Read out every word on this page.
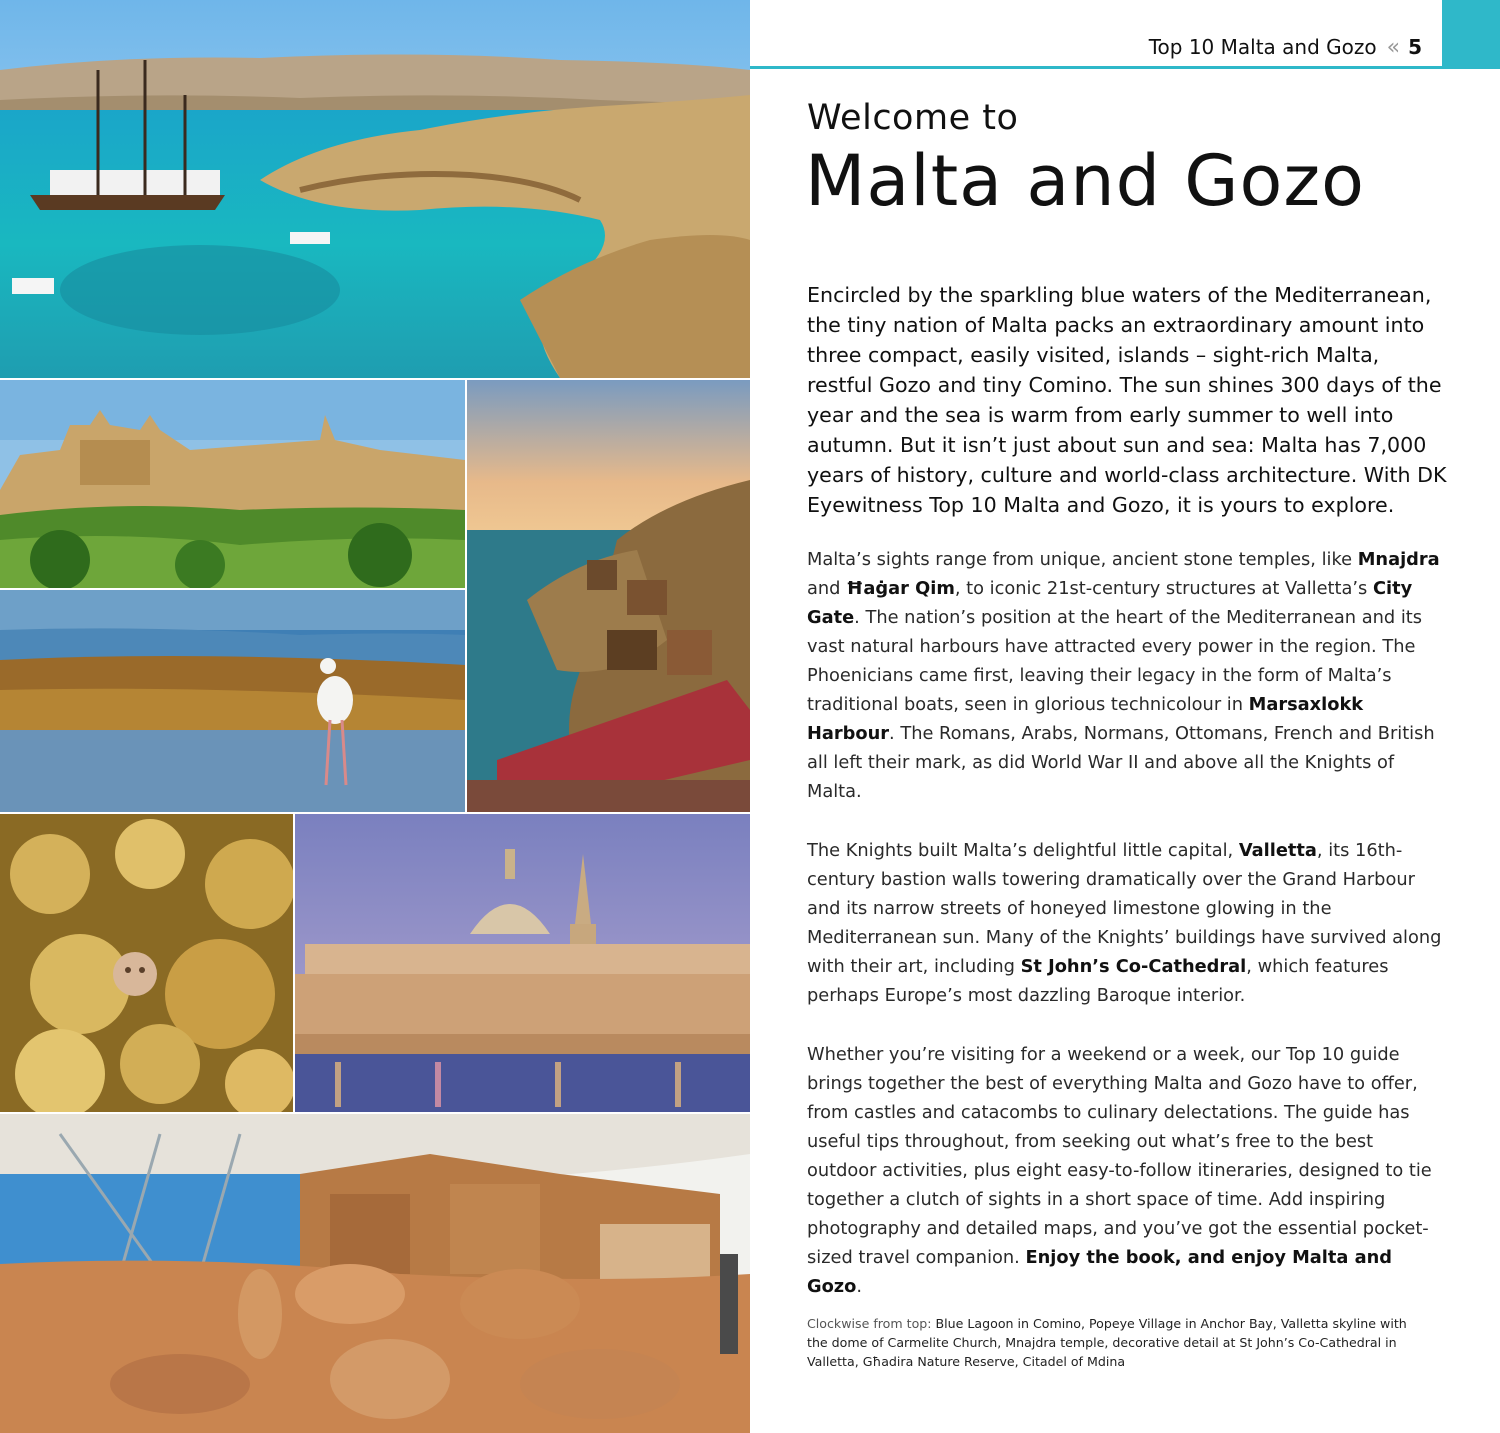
Top 10 Malta and Gozo « 5
Welcome to
Malta and Gozo
Encircled by the sparkling blue waters of the Mediterranean, the tiny nation of Malta packs an extraordinary amount into three compact, easily visited, islands – sight-rich Malta, restful Gozo and tiny Comino. The sun shines 300 days of the year and the sea is warm from early summer to well into autumn. But it isn’t just about sun and sea: Malta has 7,000 years of history, culture and world-class architecture. With DK Eyewitness Top 10 Malta and Gozo, it is yours to explore.
Malta’s sights range from unique, ancient stone temples, like Mnajdra and Ħaġar Qim, to iconic 21st-century structures at Valletta’s City Gate. The nation’s position at the heart of the Mediterranean and its vast natural harbours have attracted every power in the region. The Phoenicians came first, leaving their legacy in the form of Malta’s traditional boats, seen in glorious technicolour in Marsaxlokk Harbour. The Romans, Arabs, Normans, Ottomans, French and British all left their mark, as did World War II and above all the Knights of Malta.
The Knights built Malta’s delightful little capital, Valletta, its 16th-century bastion walls towering dramatically over the Grand Harbour and its narrow streets of honeyed limestone glowing in the Mediterranean sun. Many of the Knights’ buildings have survived along with their art, including St John’s Co-Cathedral, which features perhaps Europe’s most dazzling Baroque interior.
Whether you’re visiting for a weekend or a week, our Top 10 guide brings together the best of everything Malta and Gozo have to offer, from castles and catacombs to culinary delectations. The guide has useful tips throughout, from seeking out what’s free to the best outdoor activities, plus eight easy-to-follow itineraries, designed to tie together a clutch of sights in a short space of time. Add inspiring photography and detailed maps, and you’ve got the essential pocket-sized travel companion. Enjoy the book, and enjoy Malta and Gozo.
Clockwise from top: Blue Lagoon in Comino, Popeye Village in Anchor Bay, Valletta skyline with the dome of Carmelite Church, Mnajdra temple, decorative detail at St John’s Co-Cathedral in Valletta, Għadira Nature Reserve, Citadel of Mdina
